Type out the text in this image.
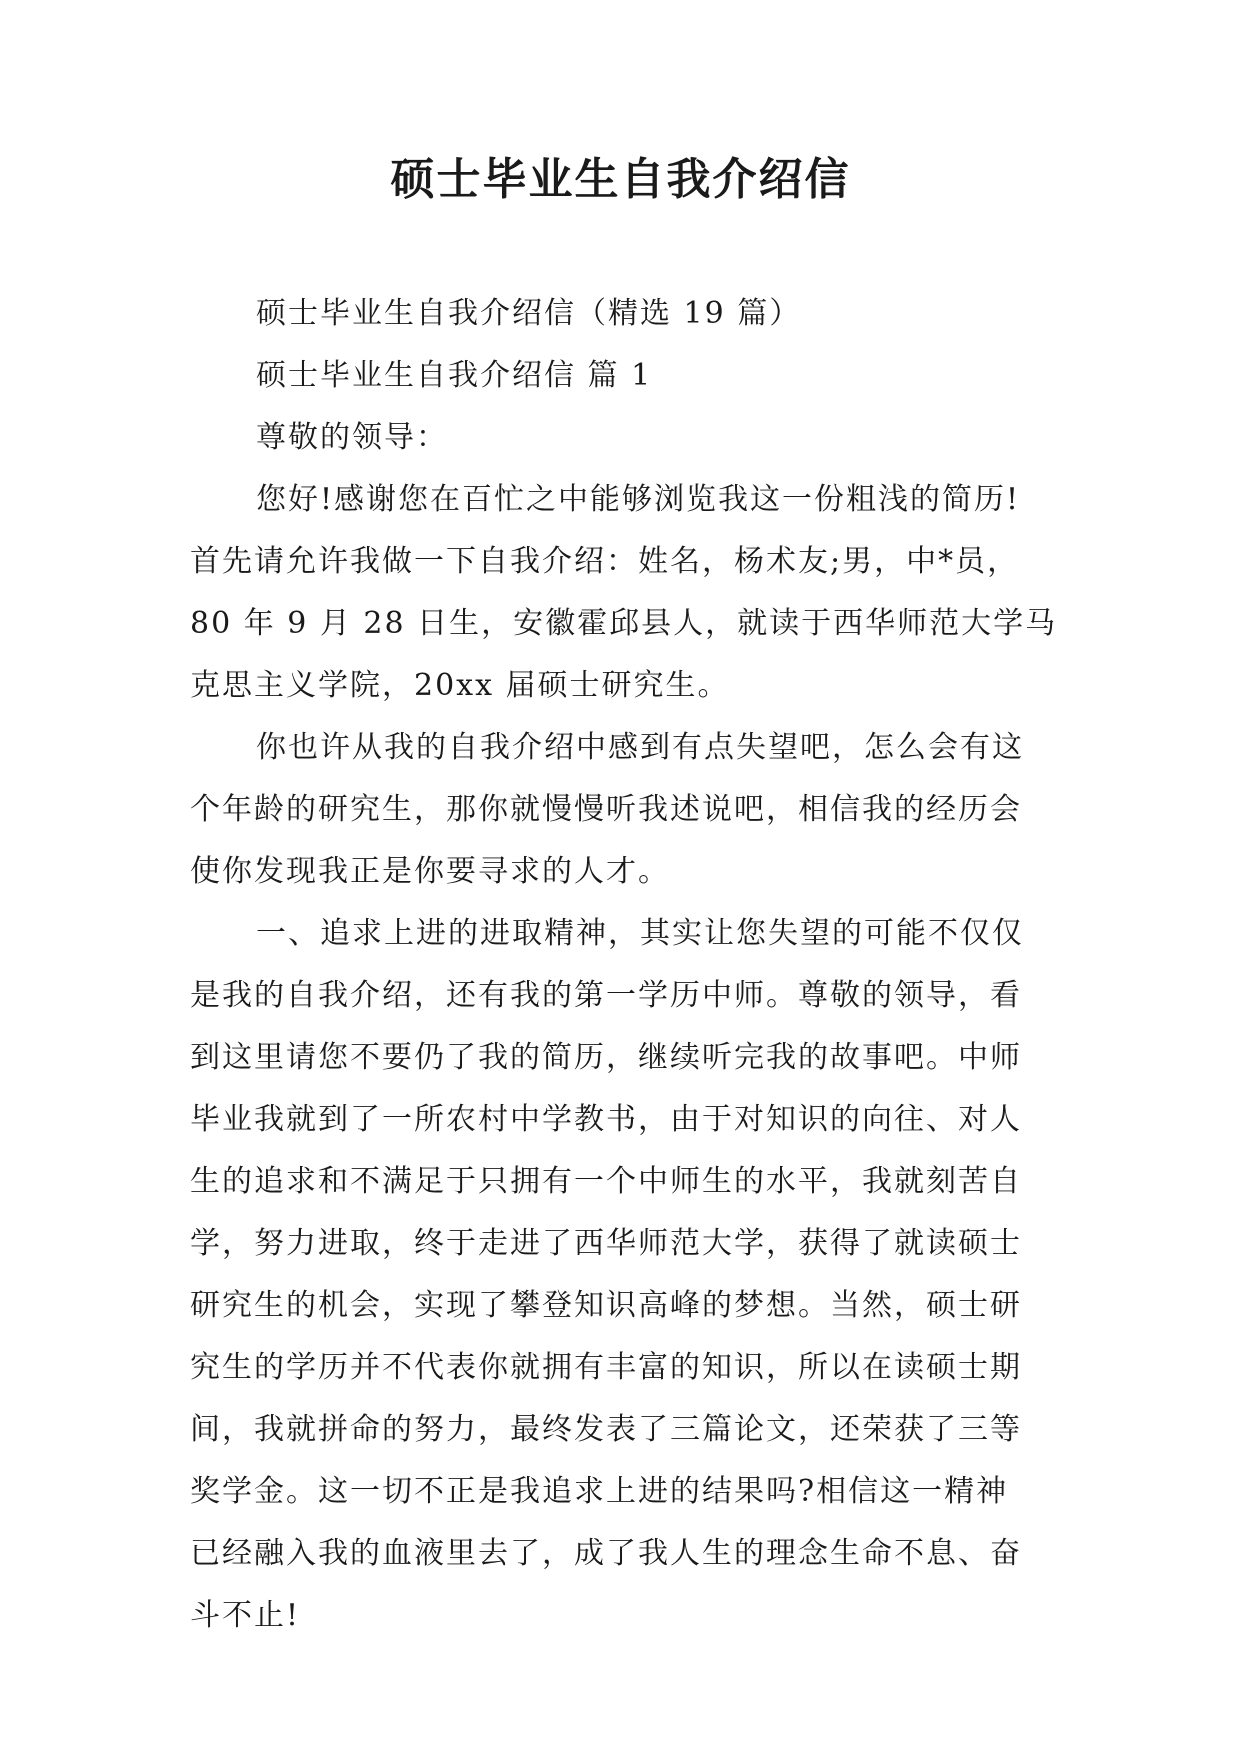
硕士毕业生自我介绍信

硕士毕业生自我介绍信（精选 19 篇）

硕士毕业生自我介绍信 篇 1

尊敬的领导：

您好!感谢您在百忙之中能够浏览我这一份粗浅的简历!

首先请允许我做一下自我介绍：姓名，杨术友;男，中*员，

80 年 9 月 28 日生，安徽霍邱县人，就读于西华师范大学马

克思主义学院，20xx 届硕士研究生。

你也许从我的自我介绍中感到有点失望吧，怎么会有这

个年龄的研究生，那你就慢慢听我述说吧，相信我的经历会

使你发现我正是你要寻求的人才。

一、追求上进的进取精神，其实让您失望的可能不仅仅

是我的自我介绍，还有我的第一学历中师。尊敬的领导，看

到这里请您不要仍了我的简历，继续听完我的故事吧。中师

毕业我就到了一所农村中学教书，由于对知识的向往、对人

生的追求和不满足于只拥有一个中师生的水平，我就刻苦自

学，努力进取，终于走进了西华师范大学，获得了就读硕士

研究生的机会，实现了攀登知识高峰的梦想。当然，硕士研

究生的学历并不代表你就拥有丰富的知识，所以在读硕士期

间，我就拼命的努力，最终发表了三篇论文，还荣获了三等

奖学金。这一切不正是我追求上进的结果吗?相信这一精神

已经融入我的血液里去了，成了我人生的理念生命不息、奋

斗不止!
